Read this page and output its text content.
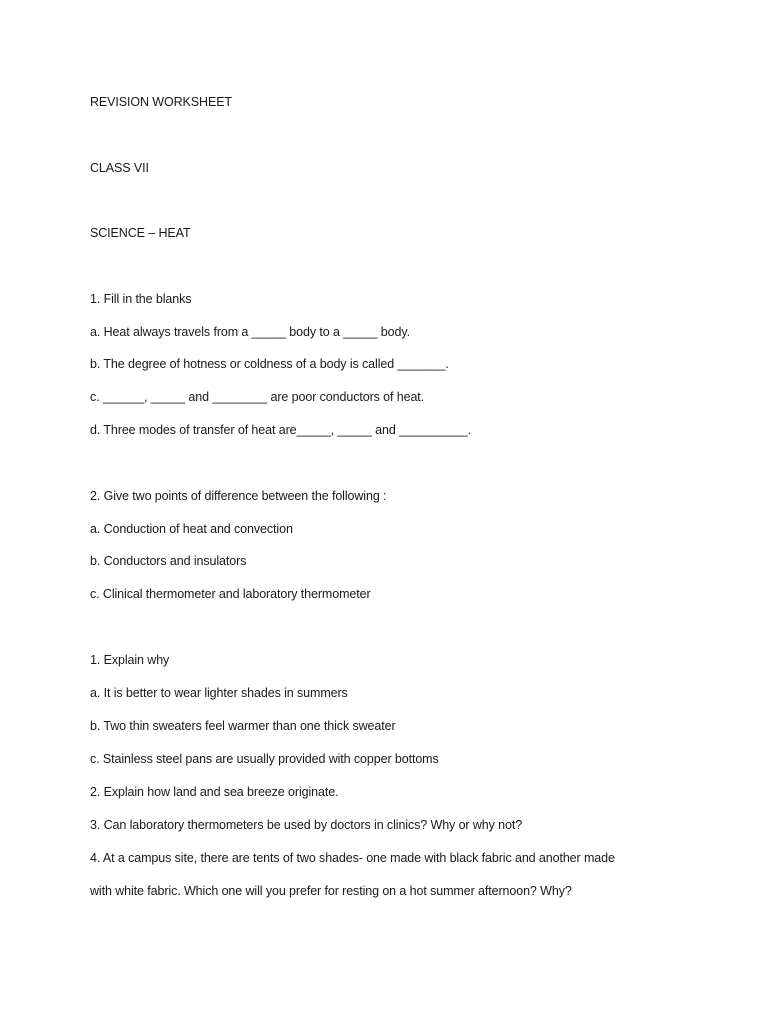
REVISION WORKSHEET

CLASS VII

SCIENCE – HEAT

1. Fill in the blanks

a. Heat always travels from a _____ body to a _____ body.

b. The degree of hotness or coldness of a body is called _______.

c. ______, _____ and ________ are poor conductors of heat.

d. Three modes of transfer of heat are_____, _____ and __________.

2. Give two points of difference between the following :

a. Conduction of heat and convection

b. Conductors and insulators

c. Clinical thermometer and laboratory thermometer

1. Explain why

a. It is better to wear lighter shades in summers

b. Two thin sweaters feel warmer than one thick sweater

c. Stainless steel pans are usually provided with copper bottoms

2. Explain how land and sea breeze originate.

3. Can laboratory thermometers be used by doctors in clinics? Why or why not?

4. At a campus site, there are tents of two shades- one made with black fabric and another made

with white fabric. Which one will you prefer for resting on a hot summer afternoon? Why?
